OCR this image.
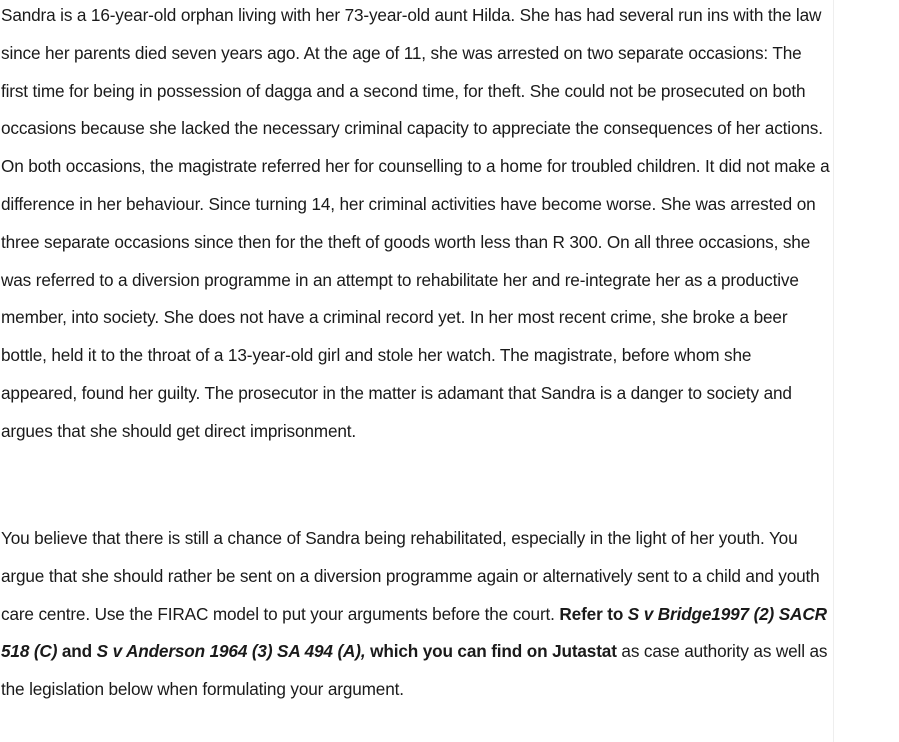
Sandra is a 16-year-old orphan living with her 73-year-old aunt Hilda. She has had several run ins with the law since her parents died seven years ago. At the age of 11, she was arrested on two separate occasions: The first time for being in possession of dagga and a second time, for theft. She could not be prosecuted on both occasions because she lacked the necessary criminal capacity to appreciate the consequences of her actions. On both occasions, the magistrate referred her for counselling to a home for troubled children. It did not make a difference in her behaviour. Since turning 14, her criminal activities have become worse. She was arrested on three separate occasions since then for the theft of goods worth less than R 300. On all three occasions, she was referred to a diversion programme in an attempt to rehabilitate her and re-integrate her as a productive member, into society. She does not have a criminal record yet. In her most recent crime, she broke a beer bottle, held it to the throat of a 13-year-old girl and stole her watch. The magistrate, before whom she appeared, found her guilty. The prosecutor in the matter is adamant that Sandra is a danger to society and argues that she should get direct imprisonment.

You believe that there is still a chance of Sandra being rehabilitated, especially in the light of her youth. You argue that she should rather be sent on a diversion programme again or alternatively sent to a child and youth care centre. Use the FIRAC model to put your arguments before the court. Refer to S v Bridge1997 (2) SACR 518 (C) and S v Anderson 1964 (3) SA 494 (A), which you can find on Jutastat as case authority as well as the legislation below when formulating your argument.
